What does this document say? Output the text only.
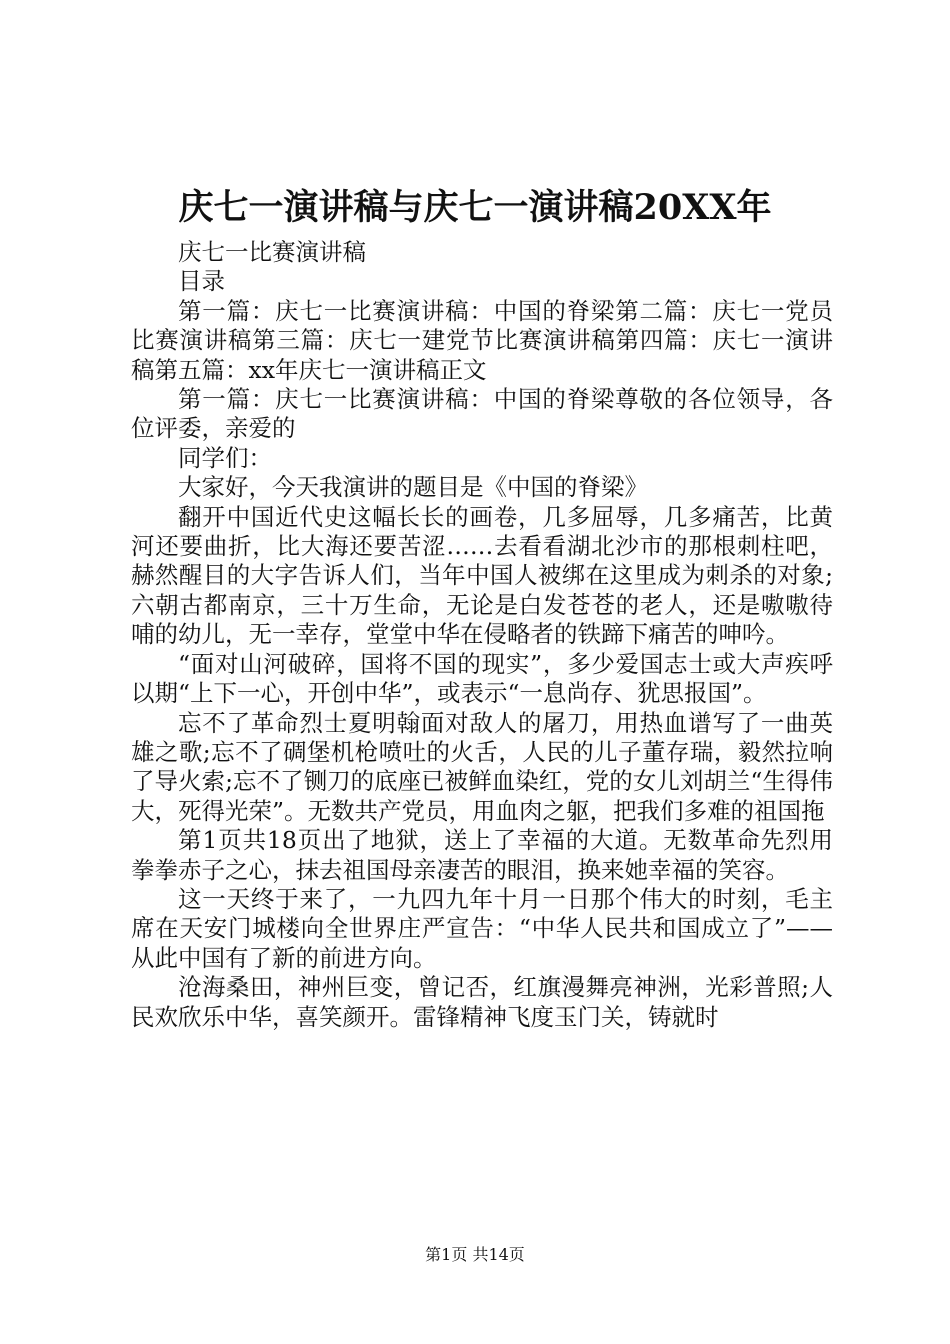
庆七一演讲稿与庆七一演讲稿20XX年

庆七一比赛演讲稿

目录

第一篇：庆七一比赛演讲稿：中国的脊梁第二篇：庆七一党员比赛演讲稿第三篇：庆七一建党节比赛演讲稿第四篇：庆七一演讲稿第五篇：xx年庆七一演讲稿正文

第一篇：庆七一比赛演讲稿：中国的脊梁尊敬的各位领导，各位评委，亲爱的

同学们：

大家好，今天我演讲的题目是《中国的脊梁》

翻开中国近代史这幅长长的画卷，几多屈辱，几多痛苦，比黄河还要曲折，比大海还要苦涩……去看看湖北沙市的那根刺柱吧，赫然醒目的大字告诉人们，当年中国人被绑在这里成为刺杀的对象;六朝古都南京，三十万生命，无论是白发苍苍的老人，还是嗷嗷待哺的幼儿，无一幸存，堂堂中华在侵略者的铁蹄下痛苦的呻吟。

“面对山河破碎，国将不国的现实”，多少爱国志士或大声疾呼以期“上下一心，开创中华”，或表示“一息尚存、犹思报国”。

忘不了革命烈士夏明翰面对敌人的屠刀，用热血谱写了一曲英雄之歌;忘不了碉堡机枪喷吐的火舌，人民的儿子董存瑞，毅然拉响了导火索;忘不了铡刀的底座已被鲜血染红，党的女儿刘胡兰“生得伟大，死得光荣”。无数共产党员，用血肉之躯，把我们多难的祖国拖

第1页共18页出了地狱，送上了幸福的大道。无数革命先烈用拳拳赤子之心，抹去祖国母亲凄苦的眼泪，换来她幸福的笑容。

这一天终于来了，一九四九年十月一日那个伟大的时刻，毛主席在天安门城楼向全世界庄严宣告：“中华人民共和国成立了”——从此中国有了新的前进方向。

沧海桑田，神州巨变，曾记否，红旗漫舞亮神洲，光彩普照;人民欢欣乐中华，喜笑颜开。雷锋精神飞度玉门关，铸就时

第1页 共14页
